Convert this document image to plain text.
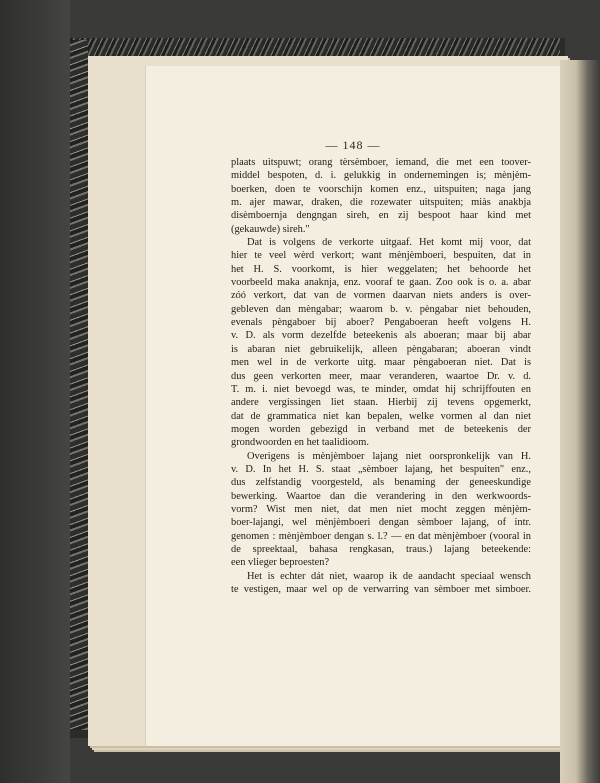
— 148 —
plaats uitspuwt; orang tèrsèmboer, iemand, die met een toover-
middel bespoten, d. i. gelukkig in ondernemingen is; mènjèm-
boerken, doen te voorschijn komen enz., uitspuiten; naga jang
m. ajer mawar, draken, die rozewater uitspuiten; miàs anakbja
disèmboernja dengngan sireh, en zij bespoot haar kind met
(gekauwde) sireh."
Dat is volgens de verkorte uitgaaf. Het komt mij voor, dat
hier te veel wèrd verkort; want mènjèmboeri, bespuiten, dat in
het H. S. voorkomt, is hier weggelaten; het behoorde het
voorbeeld maka anaknja, enz. vooraf te gaan. Zoo ook is o. a. abar
zóó verkort, dat van de vormen daarvan niets anders is over-
gebleven dan mèngabar; waarom b. v. pèngabar niet behouden,
evenals pèngaboer bij aboer? Pengaboeran heeft volgens H.
v. D. als vorm dezelfde beteekenis als aboeran; maar bij abar
is abaran niet gebruikelijk, alleen pèngabaran; aboeran vindt
men wel in de verkorte uitg. maar pèngaboeran niet. Dat is
dus geen verkorten meer, maar veranderen, waartoe Dr. v. d.
T. m. i. niet bevoegd was, te minder, omdat hij schrijffouten en
andere vergissingen liet staan. Hierbij zij tevens opgemerkt,
dat de grammatica niet kan bepalen, welke vormen al dan niet
mogen worden gebezigd in verband met de beteekenis der
grondwoorden en het taalidioom.
Overigens is mènjèmboer lajang niet oorspronkelijk van H.
v. D. In het H. S. staat „sèmboer lajang, het bespuiten" enz.,
dus zelfstandig voorgesteld, als benaming der geneeskundige
bewerking. Waartoe dan die verandering in den werkwoords-
vorm? Wist men niet, dat men niet mocht zeggen mènjèm-
boer-lajangi, wel mènjèmboeri dengan sèmboer lajang, of intr.
genomen : mènjèmboer dengan s. l.? — en dat mènjèmboer (vooral in
de spreektaal, bahasa rengkasan, traus.) lajang beteekende:
een vlieger beproesten?
Het is echter dát niet, waarop ik de aandacht speciaal wensch
te vestigen, maar wel op de verwarring van sèmboer met simboer.
